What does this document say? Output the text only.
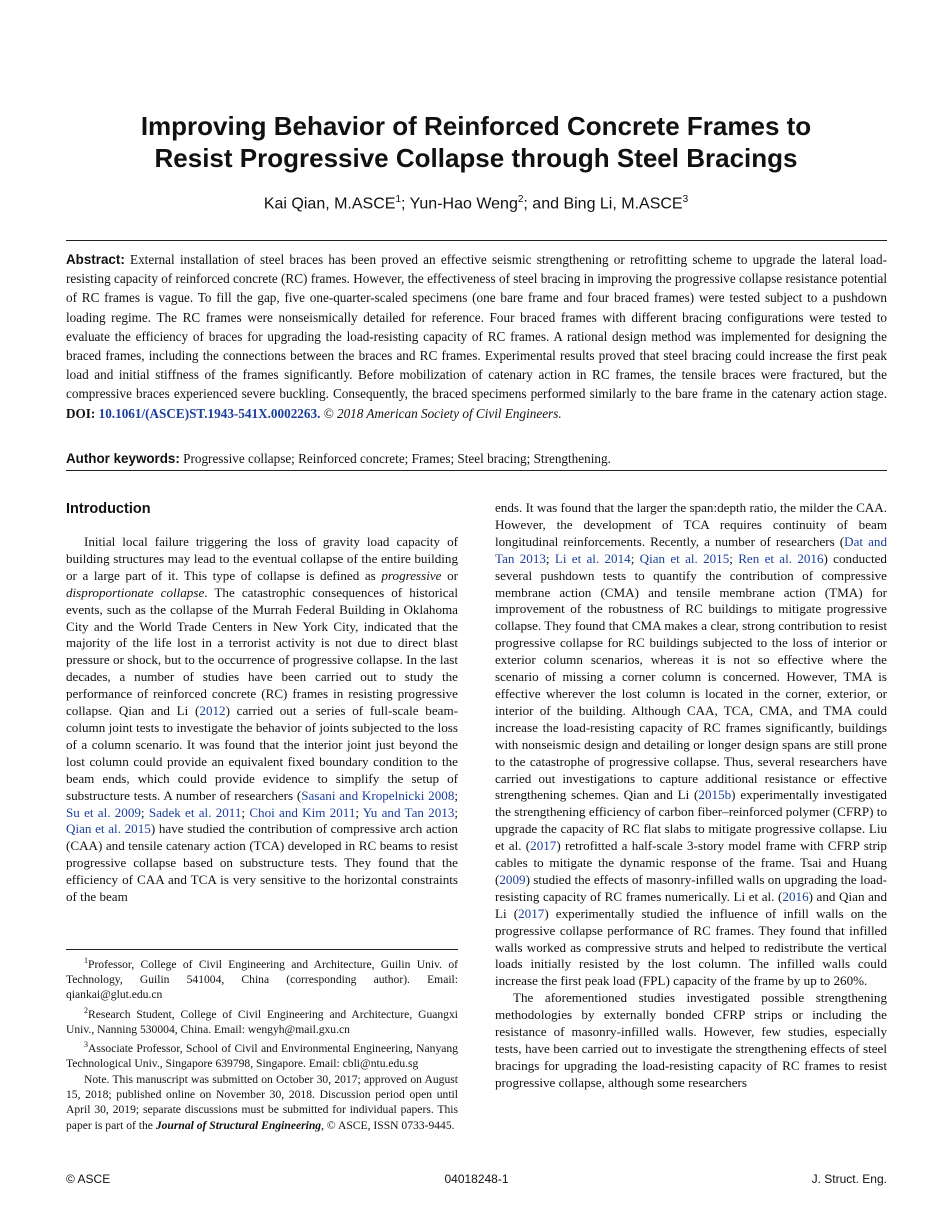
Improving Behavior of Reinforced Concrete Frames to
Resist Progressive Collapse through Steel Bracings
Kai Qian, M.ASCE$^1$; Yun-Hao Weng$^2$; and Bing Li, M.ASCE$^3$
Abstract: External installation of steel braces has been proved an effective seismic strengthening or retrofitting scheme to upgrade the lateral load-resisting capacity of reinforced concrete (RC) frames. However, the effectiveness of steel bracing in improving the progressive collapse resistance potential of RC frames is vague. To fill the gap, five one-quarter-scaled specimens (one bare frame and four braced frames) were tested subject to a pushdown loading regime. The RC frames were nonseismically detailed for reference. Four braced frames with different bracing configurations were tested to evaluate the efficiency of braces for upgrading the load-resisting capacity of RC frames. A rational design method was implemented for designing the braced frames, including the connections between the braces and RC frames. Experimental results proved that steel bracing could increase the first peak load and initial stiffness of the frames significantly. Before mobilization of catenary action in RC frames, the tensile braces were fractured, but the compressive braces experienced severe buckling. Consequently, the braced specimens performed similarly to the bare frame in the catenary action stage. DOI: 10.1061/(ASCE)ST.1943-541X.0002263. © 2018 American Society of Civil Engineers.
Author keywords: Progressive collapse; Reinforced concrete; Frames; Steel bracing; Strengthening.
Introduction

Initial local failure triggering the loss of gravity load capacity of building structures may lead to the eventual collapse of the entire building or a large part of it. This type of collapse is defined as progressive or disproportionate collapse. The catastrophic consequences of historical events, such as the collapse of the Murrah Federal Building in Oklahoma City and the World Trade Centers in New York City, indicated that the majority of the life lost in a terrorist activity is not due to direct blast pressure or shock, but to the occurrence of progressive collapse. In the last decades, a number of studies have been carried out to study the performance of reinforced concrete (RC) frames in resisting progressive collapse. Qian and Li (2012) carried out a series of full-scale beam-column joint tests to investigate the behavior of joints subjected to the loss of a column scenario. It was found that the interior joint just beyond the lost column could provide an equivalent fixed boundary condition to the beam ends, which could provide evidence to simplify the setup of substructure tests. A number of researchers (Sasani and Kropelnicki 2008; Su et al. 2009; Sadek et al. 2011; Choi and Kim 2011; Yu and Tan 2013; Qian et al. 2015) have studied the contribution of compressive arch action (CAA) and tensile catenary action (TCA) developed in RC beams to resist progressive collapse based on substructure tests. They found that the efficiency of CAA and TCA is very sensitive to the horizontal constraints of the beam

$^1$Professor, College of Civil Engineering and Architecture, Guilin Univ. of Technology, Guilin 541004, China (corresponding author). Email: qiankai@glut.edu.cn

$^2$Research Student, College of Civil Engineering and Architecture, Guangxi Univ., Nanning 530004, China. Email: wengyh@mail.gxu.cn

$^3$Associate Professor, School of Civil and Environmental Engineering, Nanyang Technological Univ., Singapore 639798, Singapore. Email: cbli@ntu.edu.sg

Note. This manuscript was submitted on October 30, 2017; approved on August 15, 2018; published online on November 30, 2018. Discussion period open until April 30, 2019; separate discussions must be submitted for individual papers. This paper is part of the Journal of Structural Engineering, © ASCE, ISSN 0733-9445.

ends. It was found that the larger the span:depth ratio, the milder the CAA. However, the development of TCA requires continuity of beam longitudinal reinforcements. Recently, a number of researchers (Dat and Tan 2013; Li et al. 2014; Qian et al. 2015; Ren et al. 2016) conducted several pushdown tests to quantify the contribution of compressive membrane action (CMA) and tensile membrane action (TMA) for improvement of the robustness of RC buildings to mitigate progressive collapse. They found that CMA makes a clear, strong contribution to resist progressive collapse for RC buildings subjected to the loss of interior or exterior column scenarios, whereas it is not so effective where the scenario of missing a corner column is concerned. However, TMA is effective wherever the lost column is located in the corner, exterior, or interior of the building. Although CAA, TCA, CMA, and TMA could increase the load-resisting capacity of RC frames significantly, buildings with nonseismic design and detailing or longer design spans are still prone to the catastrophe of progressive collapse. Thus, several researchers have carried out investigations to capture additional resistance or effective strengthening schemes. Qian and Li (2015b) experimentally investigated the strengthening efficiency of carbon fiber–reinforced polymer (CFRP) to upgrade the capacity of RC flat slabs to mitigate progressive collapse. Liu et al. (2017) retrofitted a half-scale 3-story model frame with CFRP strip cables to mitigate the dynamic response of the frame. Tsai and Huang (2009) studied the effects of masonry-infilled walls on upgrading the load-resisting capacity of RC frames numerically. Li et al. (2016) and Qian and Li (2017) experimentally studied the influence of infill walls on the progressive collapse performance of RC frames. They found that infilled walls worked as compressive struts and helped to redistribute the vertical loads initially resisted by the lost column. The infilled walls could increase the first peak load (FPL) capacity of the frame by up to 260%.

The aforementioned studies investigated possible strengthening methodologies by externally bonded CFRP strips or including the resistance of masonry-infilled walls. However, few studies, especially tests, have been carried out to investigate the strengthening effects of steel bracings for upgrading the load-resisting capacity of RC frames to resist progressive collapse, although some researchers

© ASCE	04018248-1	J. Struct. Eng.
